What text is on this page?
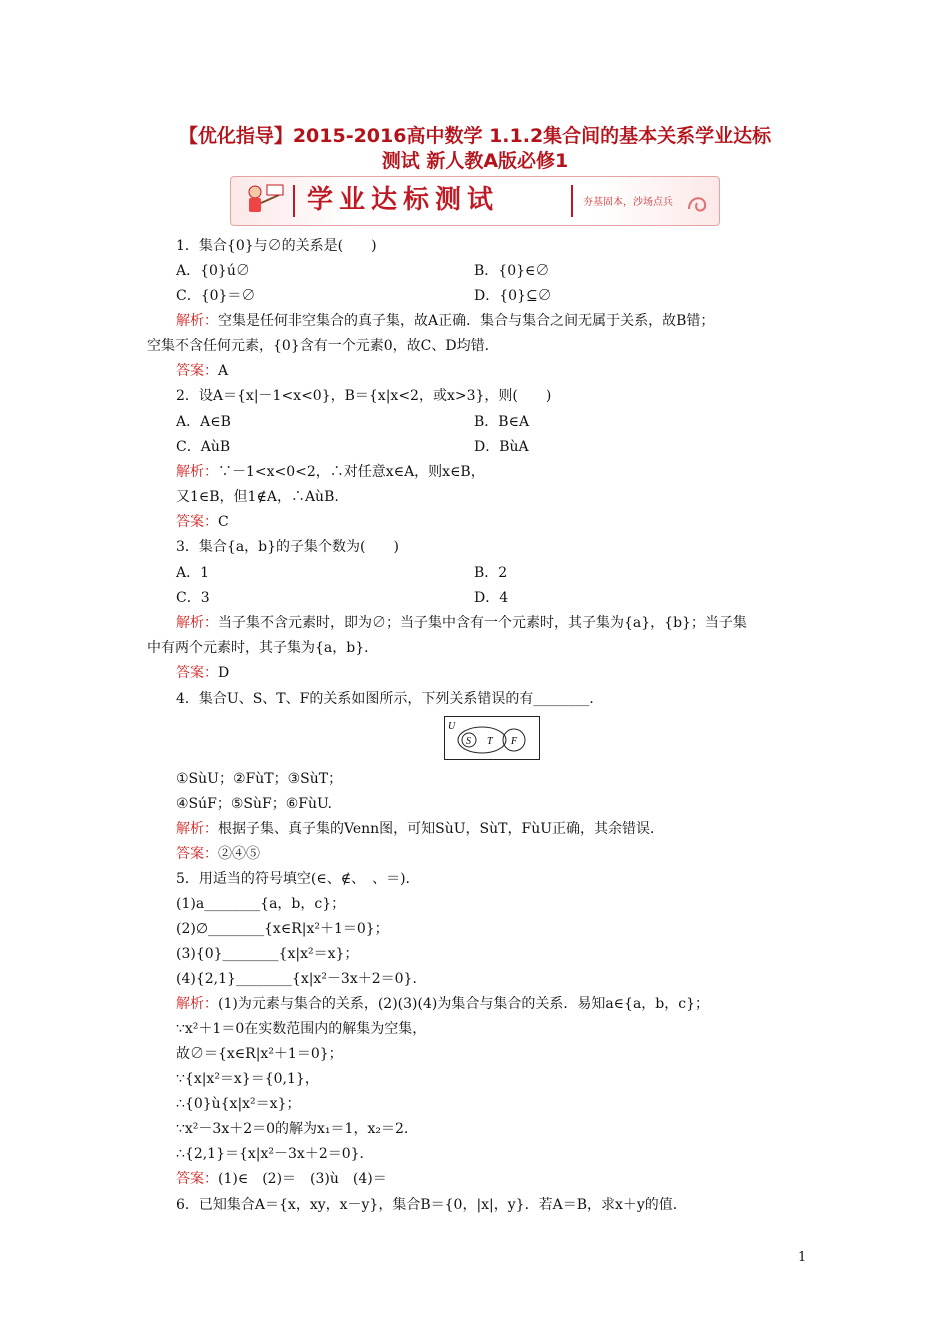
【优化指导】2015-2016高中数学 1.1.2集合间的基本关系学业达标
测试 新人教A版必修1
学业达标测试	夯基固本，沙场点兵
1．集合{0}与∅的关系是(　　)
A．{0}ú∅	B．{0}∈∅
C．{0}＝∅	D．{0}⊆∅
解析：空集是任何非空集合的真子集，故A正确．集合与集合之间无属于关系，故B错；
空集不含任何元素，{0}含有一个元素0，故C、D均错．
答案：A
2．设A＝{x|－1<x<0}，B＝{x|x<2，或x>3}，则(　　)
A．A∈B	B．B∈A
C．AùB	D．BùA
解析：∵－1<x<0<2，∴对任意x∈A，则x∈B，
又1∈B，但1∉A，∴AùB.
答案：C
3．集合{a，b}的子集个数为(　　)
A．1	B．2
C．3	D．4
解析：当子集不含元素时，即为∅；当子集中含有一个元素时，其子集为{a}，{b}；当子集
中有两个元素时，其子集为{a，b}．
答案：D
4．集合U、S、T、F的关系如图所示，下列关系错误的有________．
U
S T F
①SùU；②FùT；③SùT；
④SúF；⑤SùF；⑥FùU.
解析：根据子集、真子集的Venn图，可知SùU，SùT，FùU正确，其余错误．
答案：②④⑤
5．用适当的符号填空(∈、∉、　、＝)．
(1)a________{a，b，c}；
(2)∅________{x∈R|x²＋1＝0}；
(3){0}________{x|x²＝x}；
(4){2,1}________{x|x²－3x＋2＝0}．
解析：(1)为元素与集合的关系，(2)(3)(4)为集合与集合的关系．易知a∈{a，b，c}；
∵x²＋1＝0在实数范围内的解集为空集，
故∅＝{x∈R|x²＋1＝0}；
∵{x|x²＝x}＝{0,1}，
∴{0}ù{x|x²＝x}；
∵x²－3x＋2＝0的解为x₁＝1，x₂＝2.
∴{2,1}＝{x|x²－3x＋2＝0}．
答案：(1)∈　(2)＝　(3)ù　(4)＝
6．已知集合A＝{x，xy，x－y}，集合B＝{0，|x|，y}．若A＝B，求x＋y的值．
1
